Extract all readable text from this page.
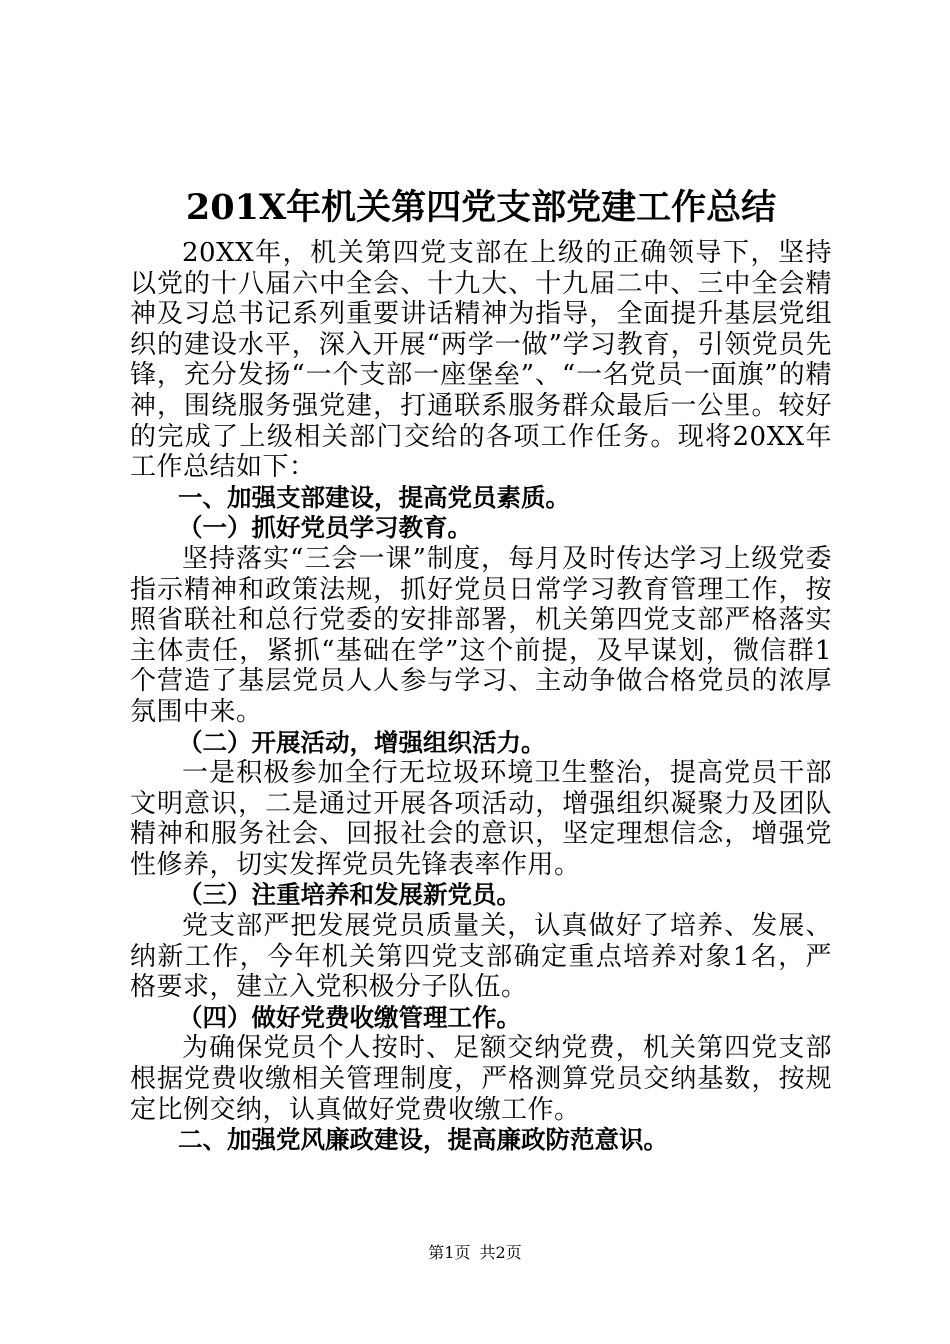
201X年机关第四党支部党建工作总结

20XX年，机关第四党支部在上级的正确领导下，坚持以党的十八届六中全会、十九大、十九届二中、三中全会精神及习总书记系列重要讲话精神为指导，全面提升基层党组织的建设水平，深入开展“两学一做”学习教育，引领党员先锋，充分发扬“一个支部一座堡垒”、“一名党员一面旗”的精神，围绕服务强党建，打通联系服务群众最后一公里。较好的完成了上级相关部门交给的各项工作任务。现将20XX年工作总结如下：

一、加强支部建设，提高党员素质。
（一）抓好党员学习教育。

坚持落实“三会一课”制度，每月及时传达学习上级党委指示精神和政策法规，抓好党员日常学习教育管理工作，按照省联社和总行党委的安排部署，机关第四党支部严格落实主体责任，紧抓“基础在学”这个前提，及早谋划，微信群1个营造了基层党员人人参与学习、主动争做合格党员的浓厚氛围中来。

（二）开展活动，增强组织活力。

一是积极参加全行无垃圾环境卫生整治，提高党员干部文明意识，二是通过开展各项活动，增强组织凝聚力及团队精神和服务社会、回报社会的意识，坚定理想信念，增强党性修养，切实发挥党员先锋表率作用。

（三）注重培养和发展新党员。

党支部严把发展党员质量关，认真做好了培养、发展、纳新工作，今年机关第四党支部确定重点培养对象1名，严格要求，建立入党积极分子队伍。

（四）做好党费收缴管理工作。

为确保党员个人按时、足额交纳党费，机关第四党支部根据党费收缴相关管理制度，严格测算党员交纳基数，按规定比例交纳，认真做好党费收缴工作。

二、加强党风廉政建设，提高廉政防范意识。
第1页 共2页
